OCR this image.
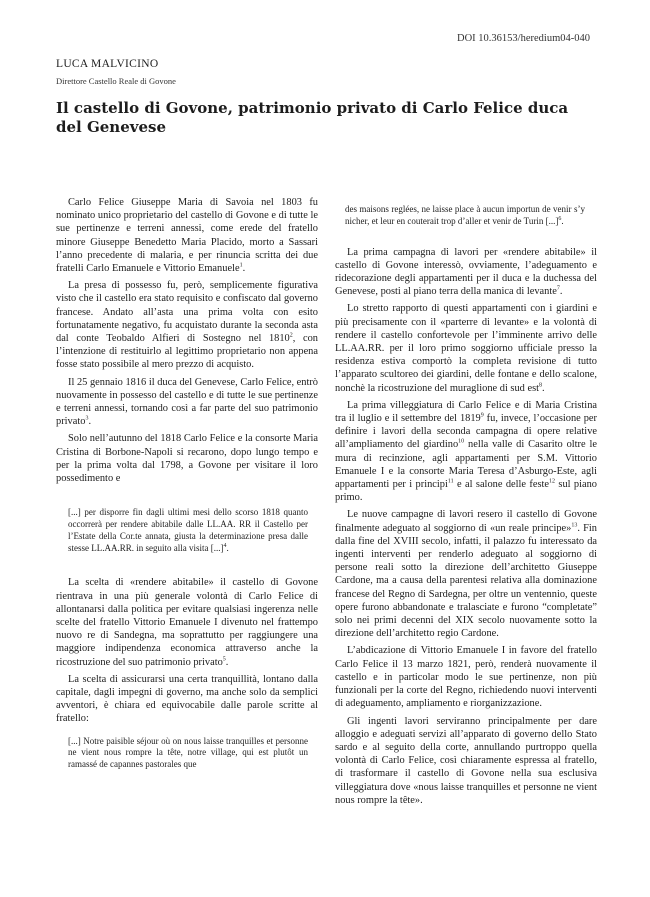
DOI 10.36153/heredium04-040
LUCA MALVICINO
Direttore Castello Reale di Govone
Il castello di Govone, patrimonio privato di Carlo Felice duca del Genevese

Carlo Felice Giuseppe Maria di Savoia nel 1803 fu nominato unico proprietario del castello di Govone e di tutte le sue pertinenze e terreni annessi, come erede del fratello minore Giuseppe Benedetto Maria Placido, morto a Sassari l’anno precedente di malaria, e per rinuncia scritta dei due fratelli Carlo Emanuele e Vittorio Emanuele$^1$.

La presa di possesso fu, però, semplicemente figurativa visto che il castello era stato requisito e confiscato dal governo francese. Andato all’asta una prima volta con esito fortunatamente negativo, fu acquistato durante la seconda asta dal conte Teobaldo Alfieri di Sostegno nel 1810$^2$, con l’intenzione di restituirlo al legittimo proprietario non appena fosse stato possibile al mero prezzo di acquisto.

Il 25 gennaio 1816 il duca del Genevese, Carlo Felice, entrò nuovamente in possesso del castello e di tutte le sue pertinenze e terreni annessi, tornando così a far parte del suo patrimonio privato$^3$.

Solo nell’autunno del 1818 Carlo Felice e la consorte Maria Cristina di Borbone-Napoli si recarono, dopo lungo tempo e per la prima volta dal 1798, a Govone per visitare il loro possedimento e

[...] per disporre fin dagli ultimi mesi dello scorso 1818 quanto occorrerà per rendere abitabile dalle LL.AA. RR il Castello per l’Estate della Cor.te annata, giusta la determinazione presa dalle stesse LL.AA.RR. in seguito alla visita [...]$^4$.

La scelta di «rendere abitabile» il castello di Govone rientrava in una più generale volontà di Carlo Felice di allontanarsi dalla politica per evitare qualsiasi ingerenza nelle scelte del fratello Vittorio Emanuele I divenuto nel frattempo nuovo re di Sandegna, ma soprattutto per raggiungere una maggiore indipendenza economica attraverso anche la ricostruzione del suo patrimonio privato$^5$.

La scelta di assicurarsi una certa tranquillità, lontano dalla capitale, dagli impegni di governo, ma anche solo da semplici avventori, è chiara ed equivocabile dalle parole scritte al fratello:

[...] Notre paisible séjour où on nous laisse tranquilles et personne ne vient nous rompre la tête, notre village, qui est plutôt un ramassé de capannes pastorales que

des maisons reglées, ne laisse place à aucun importun de venir s’y nicher, et leur en couterait trop d’aller et venir de Turin [...]$^6$.

La prima campagna di lavori per «rendere abitabile» il castello di Govone interessò, ovviamente, l’adeguamento e ridecorazione degli appartamenti per il duca e la duchessa del Genevese, posti al piano terra della manica di levante$^7$.

Lo stretto rapporto di questi appartamenti con i giardini e più precisamente con il «parterre di levante» e la volontà di rendere il castello confortevole per l’imminente arrivo delle LL.AA.RR. per il loro primo soggiorno ufficiale presso la residenza estiva comportò la completa revisione di tutto l’apparato scultoreo dei giardini, delle fontane e dello scalone, nonchè la ricostruzione del muraglione di sud est$^8$.

La prima villeggiatura di Carlo Felice e di Maria Cristina tra il luglio e il settembre del 1819$^9$ fu, invece, l’occasione per definire i lavori della seconda campagna di opere relative all’ampliamento del giardino$^{10}$ nella valle di Casarito oltre le mura di recinzione, agli appartamenti per S.M. Vittorio Emanuele I e la consorte Maria Teresa d’Asburgo-Este, agli appartamenti per i principi$^{11}$ e al salone delle feste$^{12}$ sul piano primo.

Le nuove campagne di lavori resero il castello di Govone finalmente adeguato al soggiorno di «un reale principe»$^{13}$. Fin dalla fine del XVIII secolo, infatti, il palazzo fu interessato da ingenti interventi per renderlo adeguato al soggiorno di persone reali sotto la direzione dell’architetto Giuseppe Cardone, ma a causa della parentesi relativa alla dominazione francese del Regno di Sardegna, per oltre un ventennio, queste opere furono abbandonate e tralasciate e furono “completate” solo nei primi decenni del XIX secolo nuovamente sotto la direzione dell’architetto regio Cardone.

L’abdicazione di Vittorio Emanuele I in favore del fratello Carlo Felice il 13 marzo 1821, però, renderà nuovamente il castello e in particolar modo le sue pertinenze, non più funzionali per la corte del Regno, richiedendo nuovi interventi di adeguamento, ampliamento e riorganizzazione.

Gli ingenti lavori serviranno principalmente per dare alloggio e adeguati servizi all’apparato di governo dello Stato sardo e al seguito della corte, annullando purtroppo quella volontà di Carlo Felice, così chiaramente espressa al fratello, di trasformare il castello di Govone nella sua esclusiva villeggiatura dove «nous laisse tranquilles et personne ne vient nous rompre la tête».
